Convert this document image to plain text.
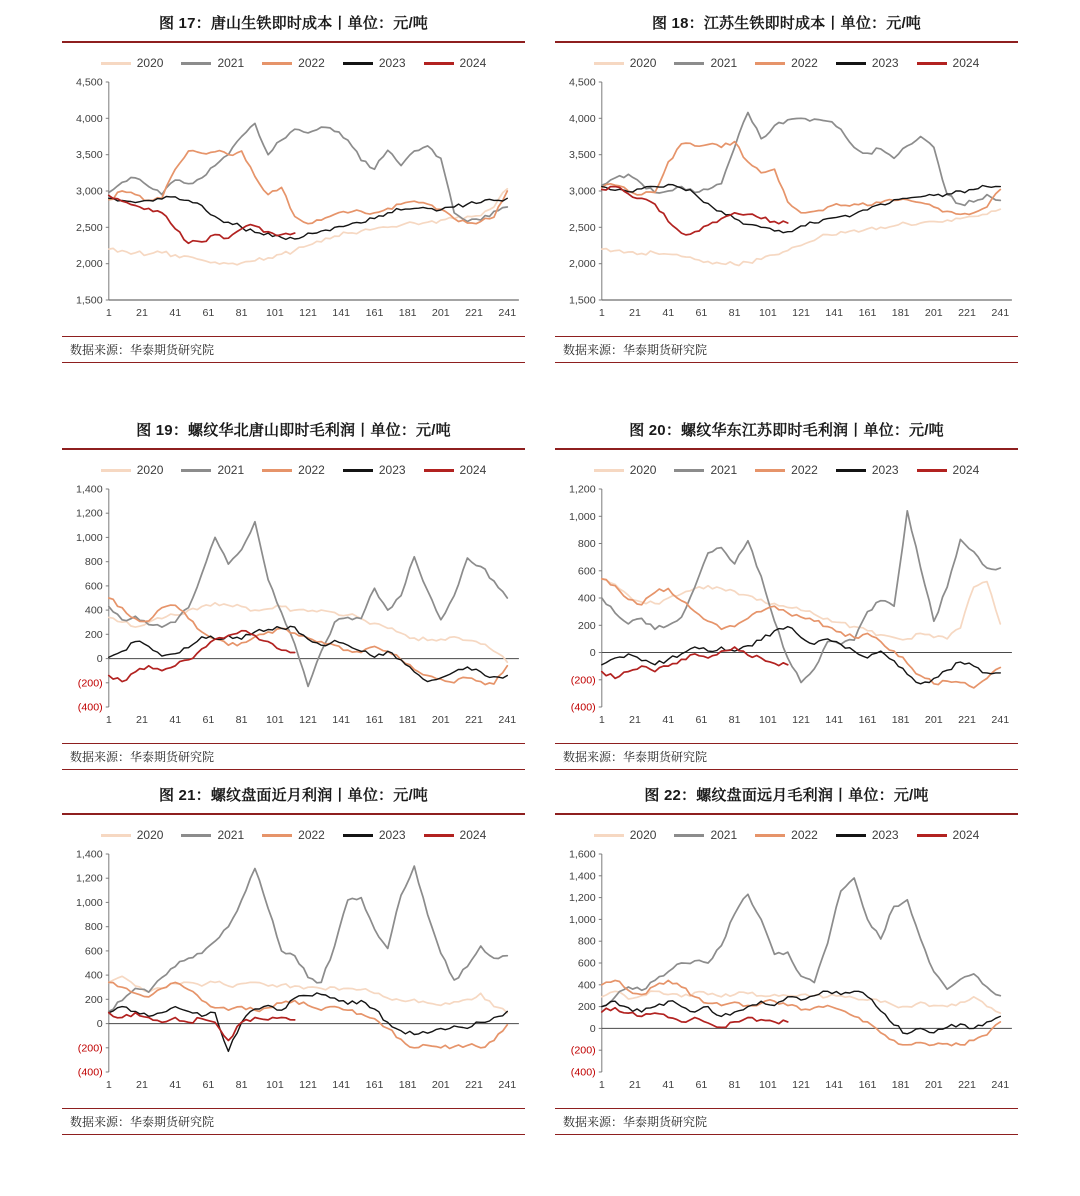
图 17：唐山生铁即时成本丨单位：元/吨
2020	2021	2022	2023	2024
1,500
2,000
2,500
3,000
3,500
4,000
4,500
1 21 41 61 81 101 121 141 161 181 201 221 241
数据来源：华泰期货研究院
图 18：江苏生铁即时成本丨单位：元/吨
2020	2021	2022	2023	2024
1,500
2,000
2,500
3,000
3,500
4,000
4,500
1 21 41 61 81 101 121 141 161 181 201 221 241
数据来源：华泰期货研究院
图 19：螺纹华北唐山即时毛利润丨单位：元/吨
2020	2021	2022	2023	2024
(400)
(200)
0
200
400
600
800
1,000
1,200
1,400
1 21 41 61 81 101 121 141 161 181 201 221 241
数据来源：华泰期货研究院
图 20：螺纹华东江苏即时毛利润丨单位：元/吨
2020	2021	2022	2023	2024
(400)
(200)
0
200
400
600
800
1,000
1,200
1 21 41 61 81 101 121 141 161 181 201 221 241
数据来源：华泰期货研究院
图 21：螺纹盘面近月利润丨单位：元/吨
2020	2021	2022	2023	2024
(400)
(200)
0
200
400
600
800
1,000
1,200
1,400
1 21 41 61 81 101 121 141 161 181 201 221 241
数据来源：华泰期货研究院
图 22：螺纹盘面远月毛利润丨单位：元/吨
2020	2021	2022	2023	2024
(400)
(200)
0
200
400
600
800
1,000
1,200
1,400
1,600
1 21 41 61 81 101 121 141 161 181 201 221 241
数据来源：华泰期货研究院
